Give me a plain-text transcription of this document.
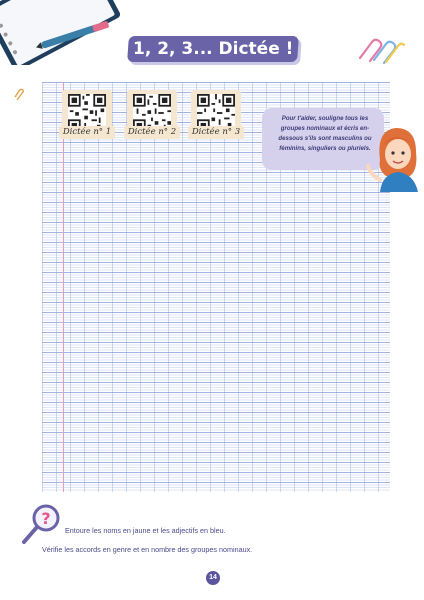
1, 2, 3... Dictée !
Dictée n° 1	Dictée n° 2	Dictée n° 3
Pour t'aider, souligne tous les groupes nominaux et écris en-dessous s'ils sont masculins ou féminins, singuliers ou pluriels.
?
Entoure les noms en jaune et les adjectifs en bleu.
Vérifie les accords en genre et en nombre des groupes nominaux.
14
